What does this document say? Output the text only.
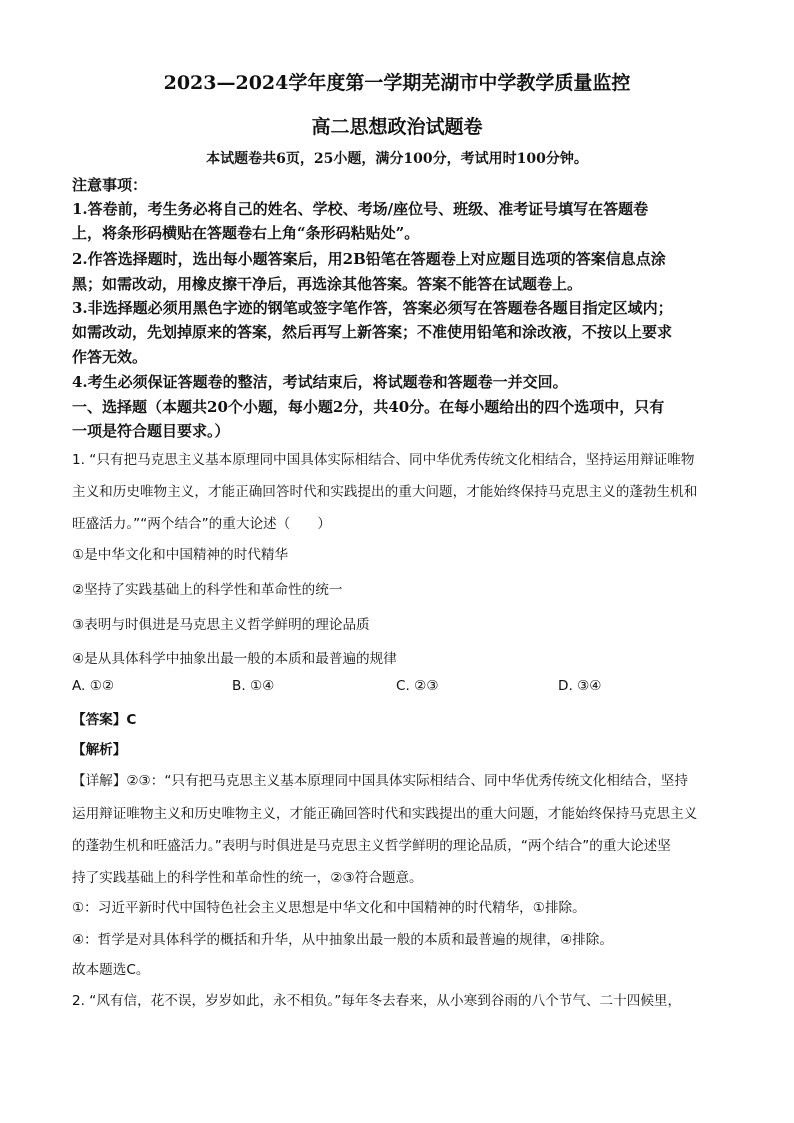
2023—2024学年度第一学期芜湖市中学教学质量监控
高二思想政治试题卷
本试题卷共6页，25小题，满分100分，考试用时100分钟。
注意事项：
1.答卷前，考生务必将自己的姓名、学校、考场/座位号、班级、准考证号填写在答题卷
上，将条形码横贴在答题卷右上角“条形码粘贴处”。
2.作答选择题时，选出每小题答案后，用2B铅笔在答题卷上对应题目选项的答案信息点涂
黑；如需改动，用橡皮擦干净后，再选涂其他答案。答案不能答在试题卷上。
3.非选择题必须用黑色字迹的钢笔或签字笔作答，答案必须写在答题卷各题目指定区域内；
如需改动，先划掉原来的答案，然后再写上新答案；不准使用铅笔和涂改液，不按以上要求
作答无效。
4.考生必须保证答题卷的整洁，考试结束后，将试题卷和答题卷一并交回。
一、选择题（本题共20个小题，每小题2分，共40分。在每小题给出的四个选项中，只有
一项是符合题目要求。）
1. “只有把马克思主义基本原理同中国具体实际相结合、同中华优秀传统文化相结合，坚持运用辩证唯物
主义和历史唯物主义，才能正确回答时代和实践提出的重大问题，才能始终保持马克思主义的蓬勃生机和
旺盛活力。”“两个结合”的重大论述（　　）
①是中华文化和中国精神的时代精华
②坚持了实践基础上的科学性和革命性的统一
③表明与时俱进是马克思主义哲学鲜明的理论品质
④是从具体科学中抽象出最一般的本质和最普遍的规律
A. ①②	B. ①④	C. ②③	D. ③④
【答案】C
【解析】
【详解】②③：“只有把马克思主义基本原理同中国具体实际相结合、同中华优秀传统文化相结合，坚持
运用辩证唯物主义和历史唯物主义，才能正确回答时代和实践提出的重大问题，才能始终保持马克思主义
的蓬勃生机和旺盛活力。”表明与时俱进是马克思主义哲学鲜明的理论品质，“两个结合”的重大论述坚
持了实践基础上的科学性和革命性的统一，②③符合题意。
①：习近平新时代中国特色社会主义思想是中华文化和中国精神的时代精华，①排除。
④：哲学是对具体科学的概括和升华，从中抽象出最一般的本质和最普遍的规律，④排除。
故本题选C。
2. “风有信，花不误，岁岁如此，永不相负。”每年冬去春来，从小寒到谷雨的八个节气、二十四候里，
